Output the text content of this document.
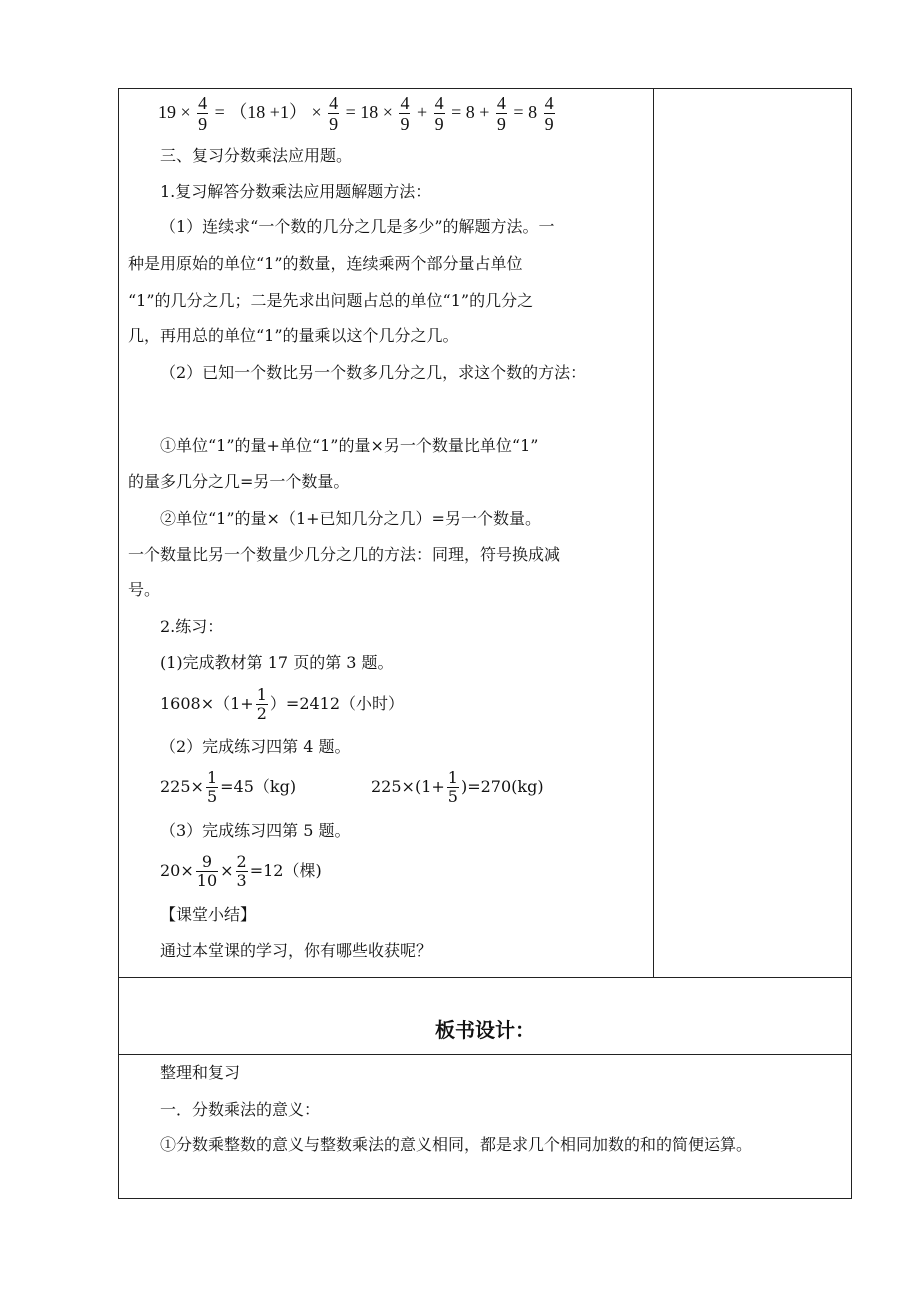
$19 \times \frac{4}{9} = (18 +1) \times \frac{4}{9} = 18 \times \frac{4}{9} + \frac{4}{9} = 8 + \frac{4}{9} = 8 \frac{4}{9}$
三、复习分数乘法应用题。
1.复习解答分数乘法应用题解题方法：
（1）连续求“一个数的几分之几是多少”的解题方法。一
种是用原始的单位“1”的数量，连续乘两个部分量占单位
“1”的几分之几；二是先求出问题占总的单位“1”的几分之
几，再用总的单位“1”的量乘以这个几分之几。
（2）已知一个数比另一个数多几分之几，求这个数的方法：
①单位“1”的量+单位“1”的量×另一个数量比单位“1”
的量多几分之几=另一个数量。
②单位“1”的量×（1+已知几分之几）=另一个数量。
一个数量比另一个数量少几分之几的方法：同理，符号换成减
号。
2.练习：
(1)完成教材第 17 页的第 3 题。
$1608\times(1+ \frac{1}{2} )=2412$（小时）
（2）完成练习四第 4 题。
$225\times \frac{1}{5} =45(kg)$	$225\times(1+ \frac{1}{5} )=270(kg)$
（3）完成练习四第 5 题。
$20\times \frac{9}{10} \times \frac{2}{3} =12$（棵)
【课堂小结】
通过本堂课的学习，你有哪些收获呢？
板书设计：
整理和复习
一．分数乘法的意义：
①分数乘整数的意义与整数乘法的意义相同，都是求几个相同加数的和的简便运算。
